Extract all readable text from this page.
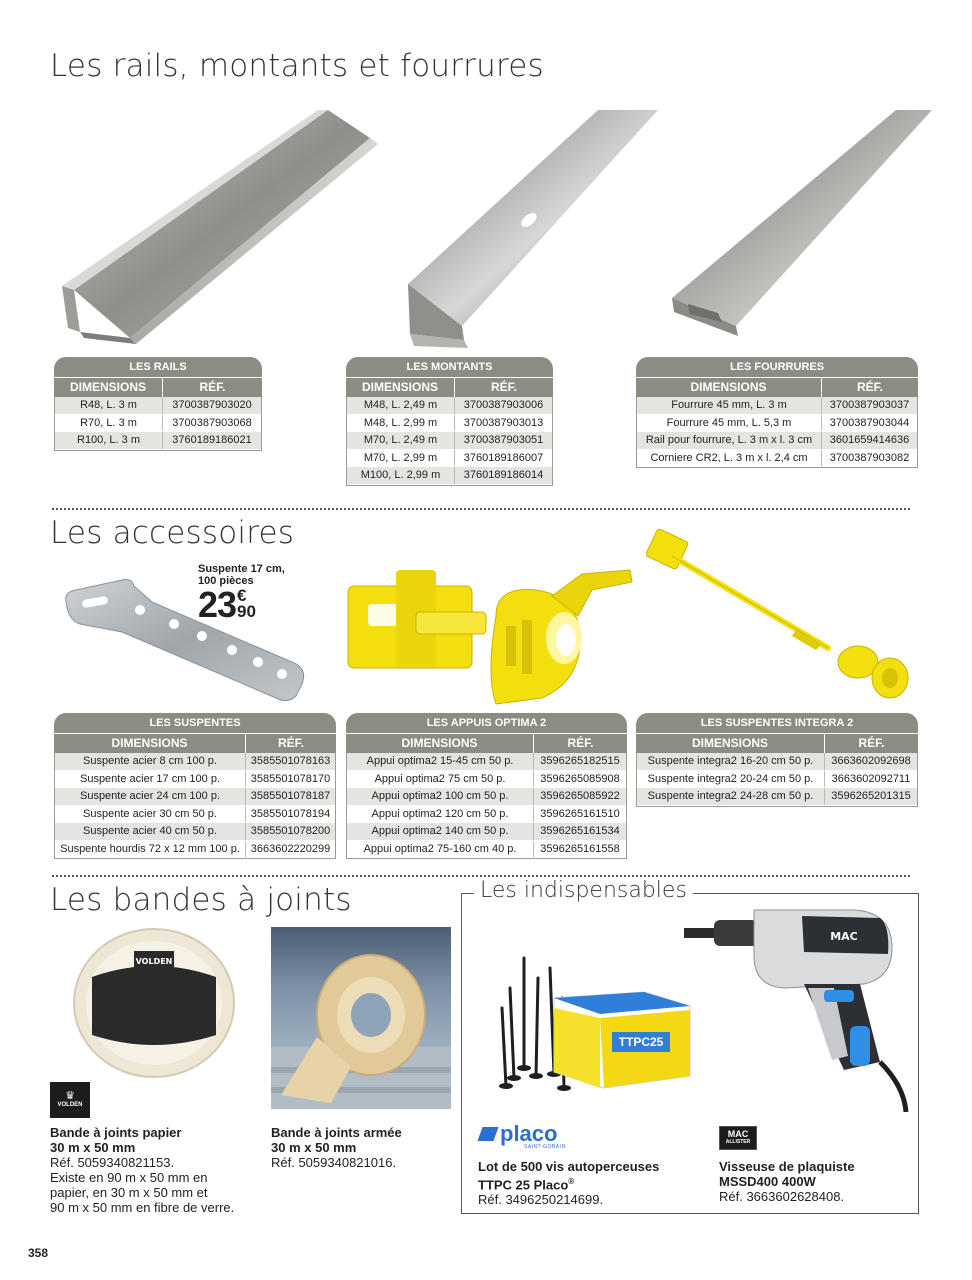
Les rails, montants et fourrures
LES RAILS
DIMENSIONS	RÉF.
R48, L. 3 m	3700387903020
R70, L. 3 m	3700387903068
R100, L. 3 m	3760189186021
LES MONTANTS
DIMENSIONS	RÉF.
M48, L. 2,49 m	3700387903006
M48, L. 2,99 m	3700387903013
M70, L. 2,49 m	3700387903051
M70, L. 2,99 m	3760189186007
M100, L. 2,99 m	3760189186014
LES FOURRURES
DIMENSIONS	RÉF.
Fourrure 45 mm, L. 3 m	3700387903037
Fourrure 45 mm, L. 5,3 m	3700387903044
Rail pour fourrure, L. 3 m x l. 3 cm	3601659414636
Corniere CR2, L. 3 m x l. 2,4 cm	3700387903082
Les accessoires
Suspente 17 cm,
100 pièces
23 €
90
LES SUSPENTES
DIMENSIONS	RÉF.
Suspente acier 8 cm 100 p.	3585501078163
Suspente acier 17 cm 100 p.	3585501078170
Suspente acier 24 cm 100 p.	3585501078187
Suspente acier 30 cm 50 p.	3585501078194
Suspente acier 40 cm 50 p.	3585501078200
Suspente hourdis 72 x 12 mm 100 p. 3663602220299
LES APPUIS OPTIMA 2
DIMENSIONS	RÉF.
Appui optima2 15-45 cm 50 p.	3596265182515
Appui optima2 75 cm 50 p.	3596265085908
Appui optima2 100 cm 50 p.	3596265085922
Appui optima2 120 cm 50 p.	3596265161510
Appui optima2 140 cm 50 p.	3596265161534
Appui optima2 75-160 cm 40 p.	3596265161558
LES SUSPENTES INTEGRA 2
DIMENSIONS	RÉF.
Suspente integra2 16-20 cm 50 p.	3663602092698
Suspente integra2 20-24 cm 50 p.	3663602092711
Suspente integra2 24-28 cm 50 p.	3596265201315
Les bandes à joints
VOLDEN
♛
VOLDEN
Bande à joints papier
30 m x 50 mm
Réf. 5059340821153.
Existe en 90 m x 50 mm en
papier, en 30 m x 50 mm et
90 m x 50 mm en fibre de verre.
Bande à joints armée
30 m x 50 mm
Réf. 5059340821016.
Les indispensables
TTPC25
placo
SAINT-GOBAIN
Lot de 500 vis autoperceuses
TTPC 25 Placo®
Réf. 3496250214699.
MAC
MAC
ALLISTER
Visseuse de plaquiste
MSSD400 400W
Réf. 3663602628408.
358
